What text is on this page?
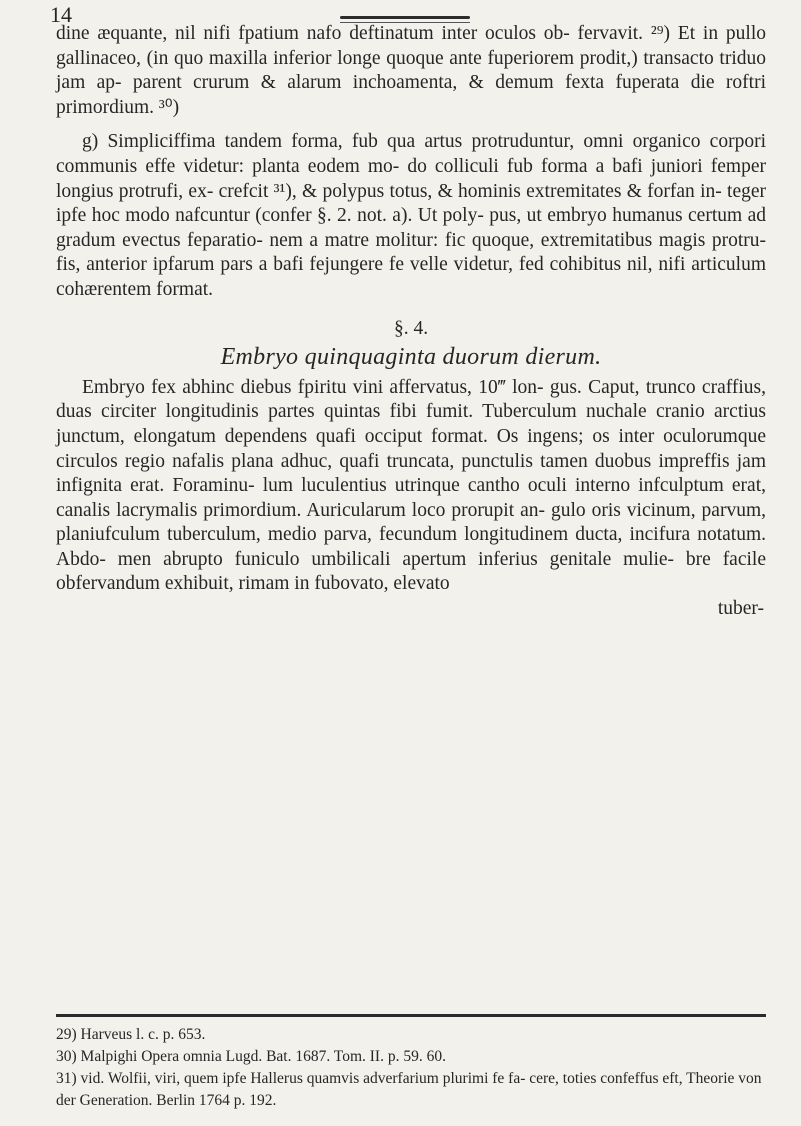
14

dine æquante, nil nifi fpatium nafo deftinatum inter oculos ob- fervavit. ²⁹) Et in pullo gallinaceo, (in quo maxilla inferior longe quoque ante fuperiorem prodit,) transacto triduo jam ap- parent crurum & alarum inchoamenta, & demum fexta fuperata die roftri primordium. ³⁰)

g) Simpliciffima tandem forma, fub qua artus protruduntur, omni organico corpori communis effe videtur: planta eodem mo- do colliculi fub forma a bafi juniori femper longius protrufi, ex- crefcit ³¹), & polypus totus, & hominis extremitates & forfan in- teger ipfe hoc modo nafcuntur (confer §. 2. not. a). Ut poly- pus, ut embryo humanus certum ad gradum evectus feparatio- nem a matre molitur: fic quoque, extremitatibus magis protru- fis, anterior ipfarum pars a bafi fejungere fe velle videtur, fed cohibitus nil, nifi articulum cohærentem format.

§. 4.
Embryo quinquaginta duorum dierum.

Embryo fex abhinc diebus fpiritu vini affervatus, 10‴ lon- gus. Caput, trunco craffius, duas circiter longitudinis partes quintas fibi fumit. Tuberculum nuchale cranio arctius junctum, elongatum dependens quafi occiput format. Os ingens; os inter oculorumque circulos regio nafalis plana adhuc, quafi truncata, punctulis tamen duobus impreffis jam infignita erat. Foraminu- lum luculentius utrinque cantho oculi interno infculptum erat, canalis lacrymalis primordium. Auricularum loco prorupit an- gulo oris vicinum, parvum, planiufculum tuberculum, medio parva, fecundum longitudinem ducta, incifura notatum. Abdo- men abrupto funiculo umbilicali apertum inferius genitale mulie- bre facile obfervandum exhibuit, rimam in fubovato, elevato

tuber-

29) Harveus l. c. p. 653.

30) Malpighi Opera omnia Lugd. Bat. 1687. Tom. II. p. 59. 60.

31) vid. Wolfii, viri, quem ipfe Hallerus quamvis adverfarium plurimi fe fa- cere, toties confeffus eft, Theorie von der Generation. Berlin 1764 p. 192.
